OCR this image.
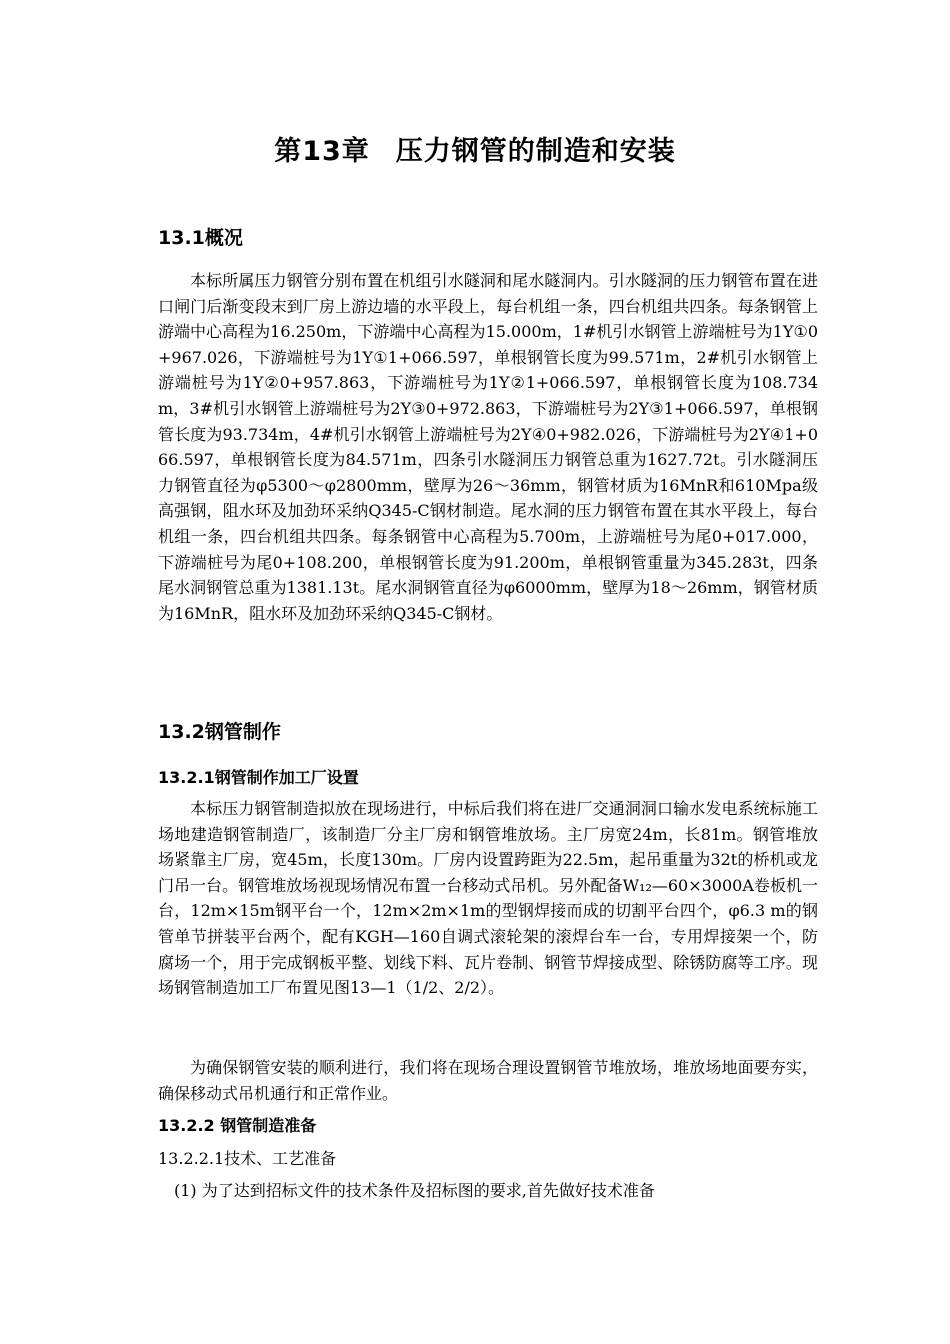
第13章 压力钢管的制造和安装
13.1概况

本标所属压力钢管分别布置在机组引水隧洞和尾水隧洞内。引水隧洞的压力钢管布置在进口闸门后渐变段末到厂房上游边墙的水平段上，每台机组一条，四台机组共四条。每条钢管上游端中心高程为16.250m，下游端中心高程为15.000m，1#机引水钢管上游端桩号为1Y①0+967.026，下游端桩号为1Y①1+066.597，单根钢管长度为99.571m，2#机引水钢管上游端桩号为1Y②0+957.863，下游端桩号为1Y②1+066.597，单根钢管长度为108.734m，3#机引水钢管上游端桩号为2Y③0+972.863，下游端桩号为2Y③1+066.597，单根钢管长度为93.734m，4#机引水钢管上游端桩号为2Y④0+982.026，下游端桩号为2Y④1+066.597，单根钢管长度为84.571m，四条引水隧洞压力钢管总重为1627.72t。引水隧洞压力钢管直径为φ5300～φ2800mm，壁厚为26～36mm，钢管材质为16MnR和610Mpa级高强钢，阻水环及加劲环采纳Q345-C钢材制造。尾水洞的压力钢管布置在其水平段上，每台机组一条，四台机组共四条。每条钢管中心高程为5.700m，上游端桩号为尾0+017.000，下游端桩号为尾0+108.200，单根钢管长度为91.200m，单根钢管重量为345.283t，四条尾水洞钢管总重为1381.13t。尾水洞钢管直径为φ6000mm，壁厚为18～26mm，钢管材质为16MnR，阻水环及加劲环采纳Q345-C钢材。

13.2钢管制作
13.2.1钢管制作加工厂设置

本标压力钢管制造拟放在现场进行，中标后我们将在进厂交通洞洞口输水发电系统标施工场地建造钢管制造厂，该制造厂分主厂房和钢管堆放场。主厂房宽24m，长81m。钢管堆放场紧靠主厂房，宽45m，长度130m。厂房内设置跨距为22.5m，起吊重量为32t的桥机或龙门吊一台。钢管堆放场视现场情况布置一台移动式吊机。另外配备W₁₂—60×3000A卷板机一台，12m×15m钢平台一个，12m×2m×1m的型钢焊接而成的切割平台四个，φ6.3 m的钢管单节拼装平台两个，配有KGH—160自调式滚轮架的滚焊台车一台，专用焊接架一个，防腐场一个，用于完成钢板平整、划线下料、瓦片卷制、钢管节焊接成型、除锈防腐等工序。现场钢管制造加工厂布置见图13—1（1/2、2/2）。

为确保钢管安装的顺利进行，我们将在现场合理设置钢管节堆放场，堆放场地面要夯实，确保移动式吊机通行和正常作业。

13.2.2 钢管制造准备
13.2.2.1技术、工艺准备
(1) 为了达到招标文件的技术条件及招标图的要求,首先做好技术准备
